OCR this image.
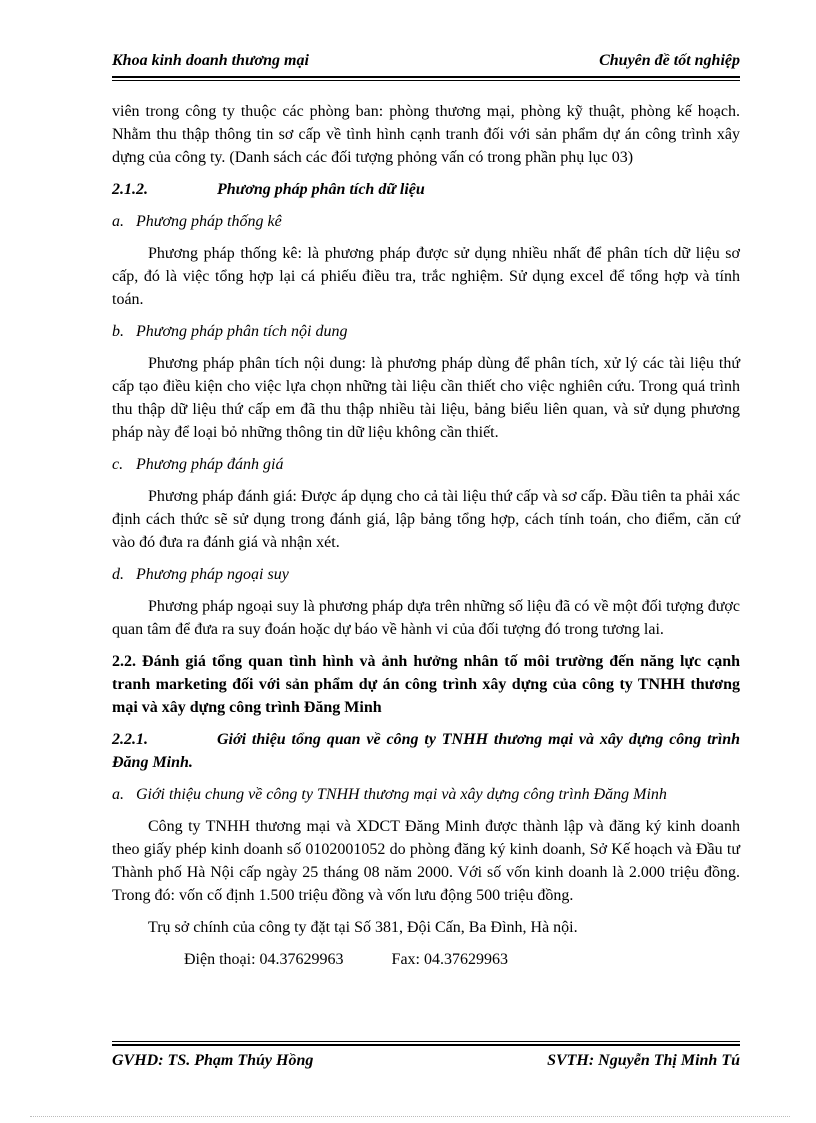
Khoa kinh doanh thương mại	Chuyên đề tốt nghiệp

viên trong công ty thuộc các phòng ban: phòng thương mại, phòng kỹ thuật, phòng kế hoạch. Nhằm thu thập thông tin sơ cấp về tình hình cạnh tranh đối với sản phẩm dự án công trình xây dựng của công ty. (Danh sách các đối tượng phỏng vấn có trong phần phụ lục 03)

2.1.2.	Phương pháp phân tích dữ liệu

a. Phương pháp thống kê

Phương pháp thống kê: là phương pháp được sử dụng nhiều nhất để phân tích dữ liệu sơ cấp, đó là việc tổng hợp lại cá phiếu điều tra, trắc nghiệm. Sử dụng excel để tổng hợp và tính toán.

b. Phương pháp phân tích nội dung

Phương pháp phân tích nội dung: là phương pháp dùng để phân tích, xử lý các tài liệu thứ cấp tạo điều kiện cho việc lựa chọn những tài liệu cần thiết cho việc nghiên cứu. Trong quá trình thu thập dữ liệu thứ cấp em đã thu thập nhiều tài liệu, bảng biểu liên quan, và sử dụng phương pháp này để loại bỏ những thông tin dữ liệu không cần thiết.

c. Phương pháp đánh giá

Phương pháp đánh giá: Được áp dụng cho cả tài liệu thứ cấp và sơ cấp. Đầu tiên ta phải xác định cách thức sẽ sử dụng trong đánh giá, lập bảng tổng hợp, cách tính toán, cho điểm, căn cứ vào đó đưa ra đánh giá và nhận xét.

d. Phương pháp ngoại suy

Phương pháp ngoại suy là phương pháp dựa trên những số liệu đã có về một đối tượng được quan tâm để đưa ra suy đoán hoặc dự báo về hành vi của đối tượng đó trong tương lai.

2.2. Đánh giá tổng quan tình hình và ảnh hưởng nhân tố môi trường đến năng lực cạnh tranh marketing đối với sản phẩm dự án công trình xây dựng của công ty TNHH thương mại và xây dựng công trình Đăng Minh

2.2.1.	Giới thiệu tổng quan về công ty TNHH thương mại và xây dựng công trình Đăng Minh.

a. Giới thiệu chung về công ty TNHH thương mại và xây dựng công trình Đăng Minh

Công ty TNHH thương mại và XDCT Đăng Minh được thành lập và đăng ký kinh doanh theo giấy phép kinh doanh số 0102001052 do phòng đăng ký kinh doanh, Sở Kế hoạch và Đầu tư Thành phố Hà Nội cấp ngày 25 tháng 08 năm 2000. Với số vốn kinh doanh là 2.000 triệu đồng. Trong đó: vốn cố định 1.500 triệu đồng và vốn lưu động 500 triệu đồng.

Trụ sở chính của công ty đặt tại Số 381, Đội Cấn, Ba Đình, Hà nội.

Điện thoại: 04.37629963	Fax: 04.37629963

GVHD: TS. Phạm Thúy Hồng	SVTH: Nguyễn Thị Minh Tú
